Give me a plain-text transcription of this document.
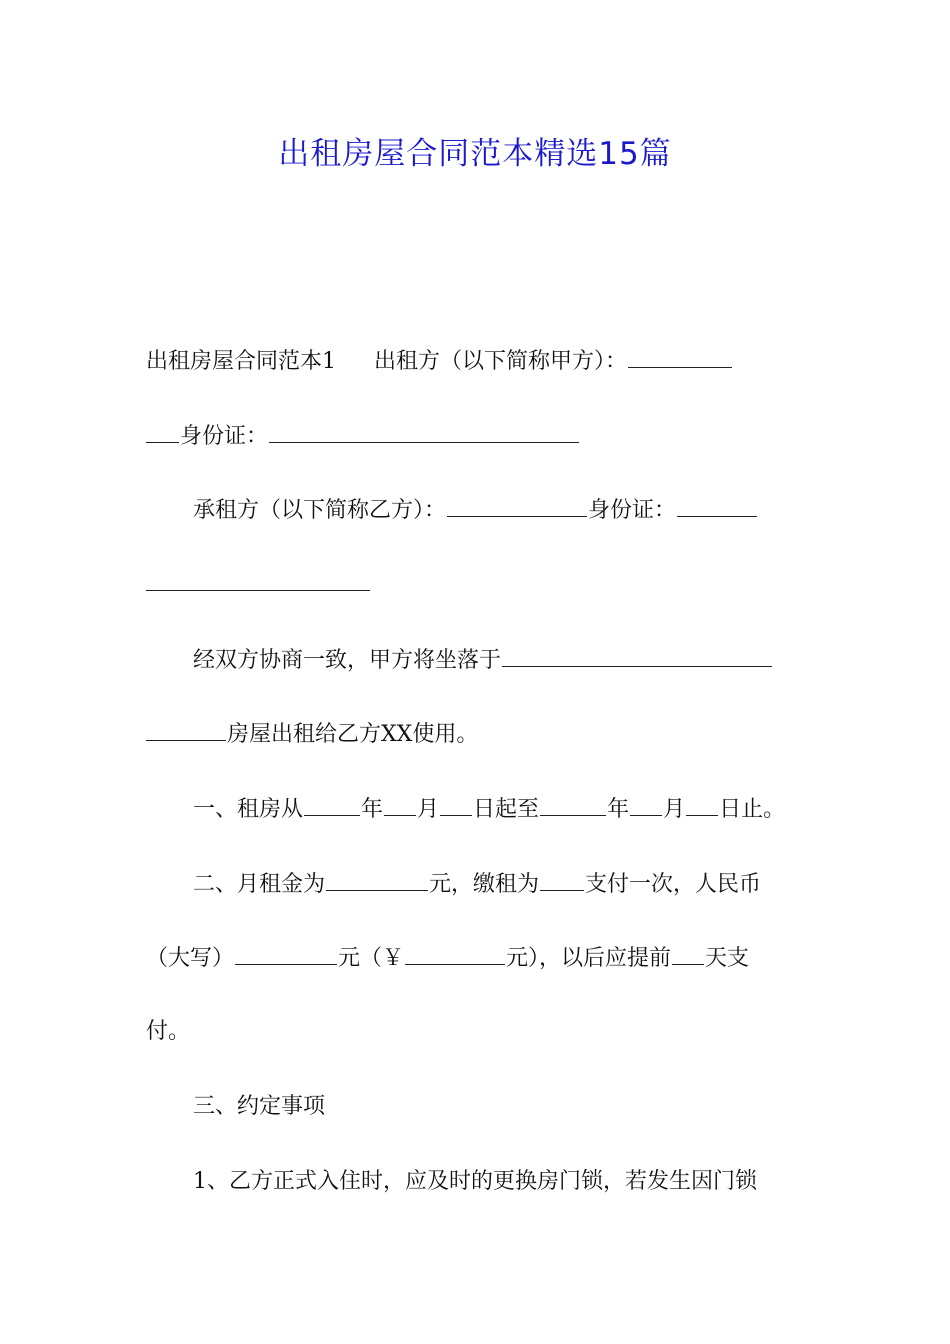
出租房屋合同范本精选15篇
出租房屋合同范本1 出租方（以下简称甲方）：
身份证：
承租方（以下简称乙方）：	身份证：
经双方协商一致，甲方将坐落于
房屋出租给乙方XX使用。
一、租房从	年 月 日起至	年 月 日止。
二、月租金为	元，缴租为 支付一次，人民币
（大写）	元（￥	元），以后应提前 天支
付。
三、约定事项
1、乙方正式入住时，应及时的更换房门锁，若发生因门锁
